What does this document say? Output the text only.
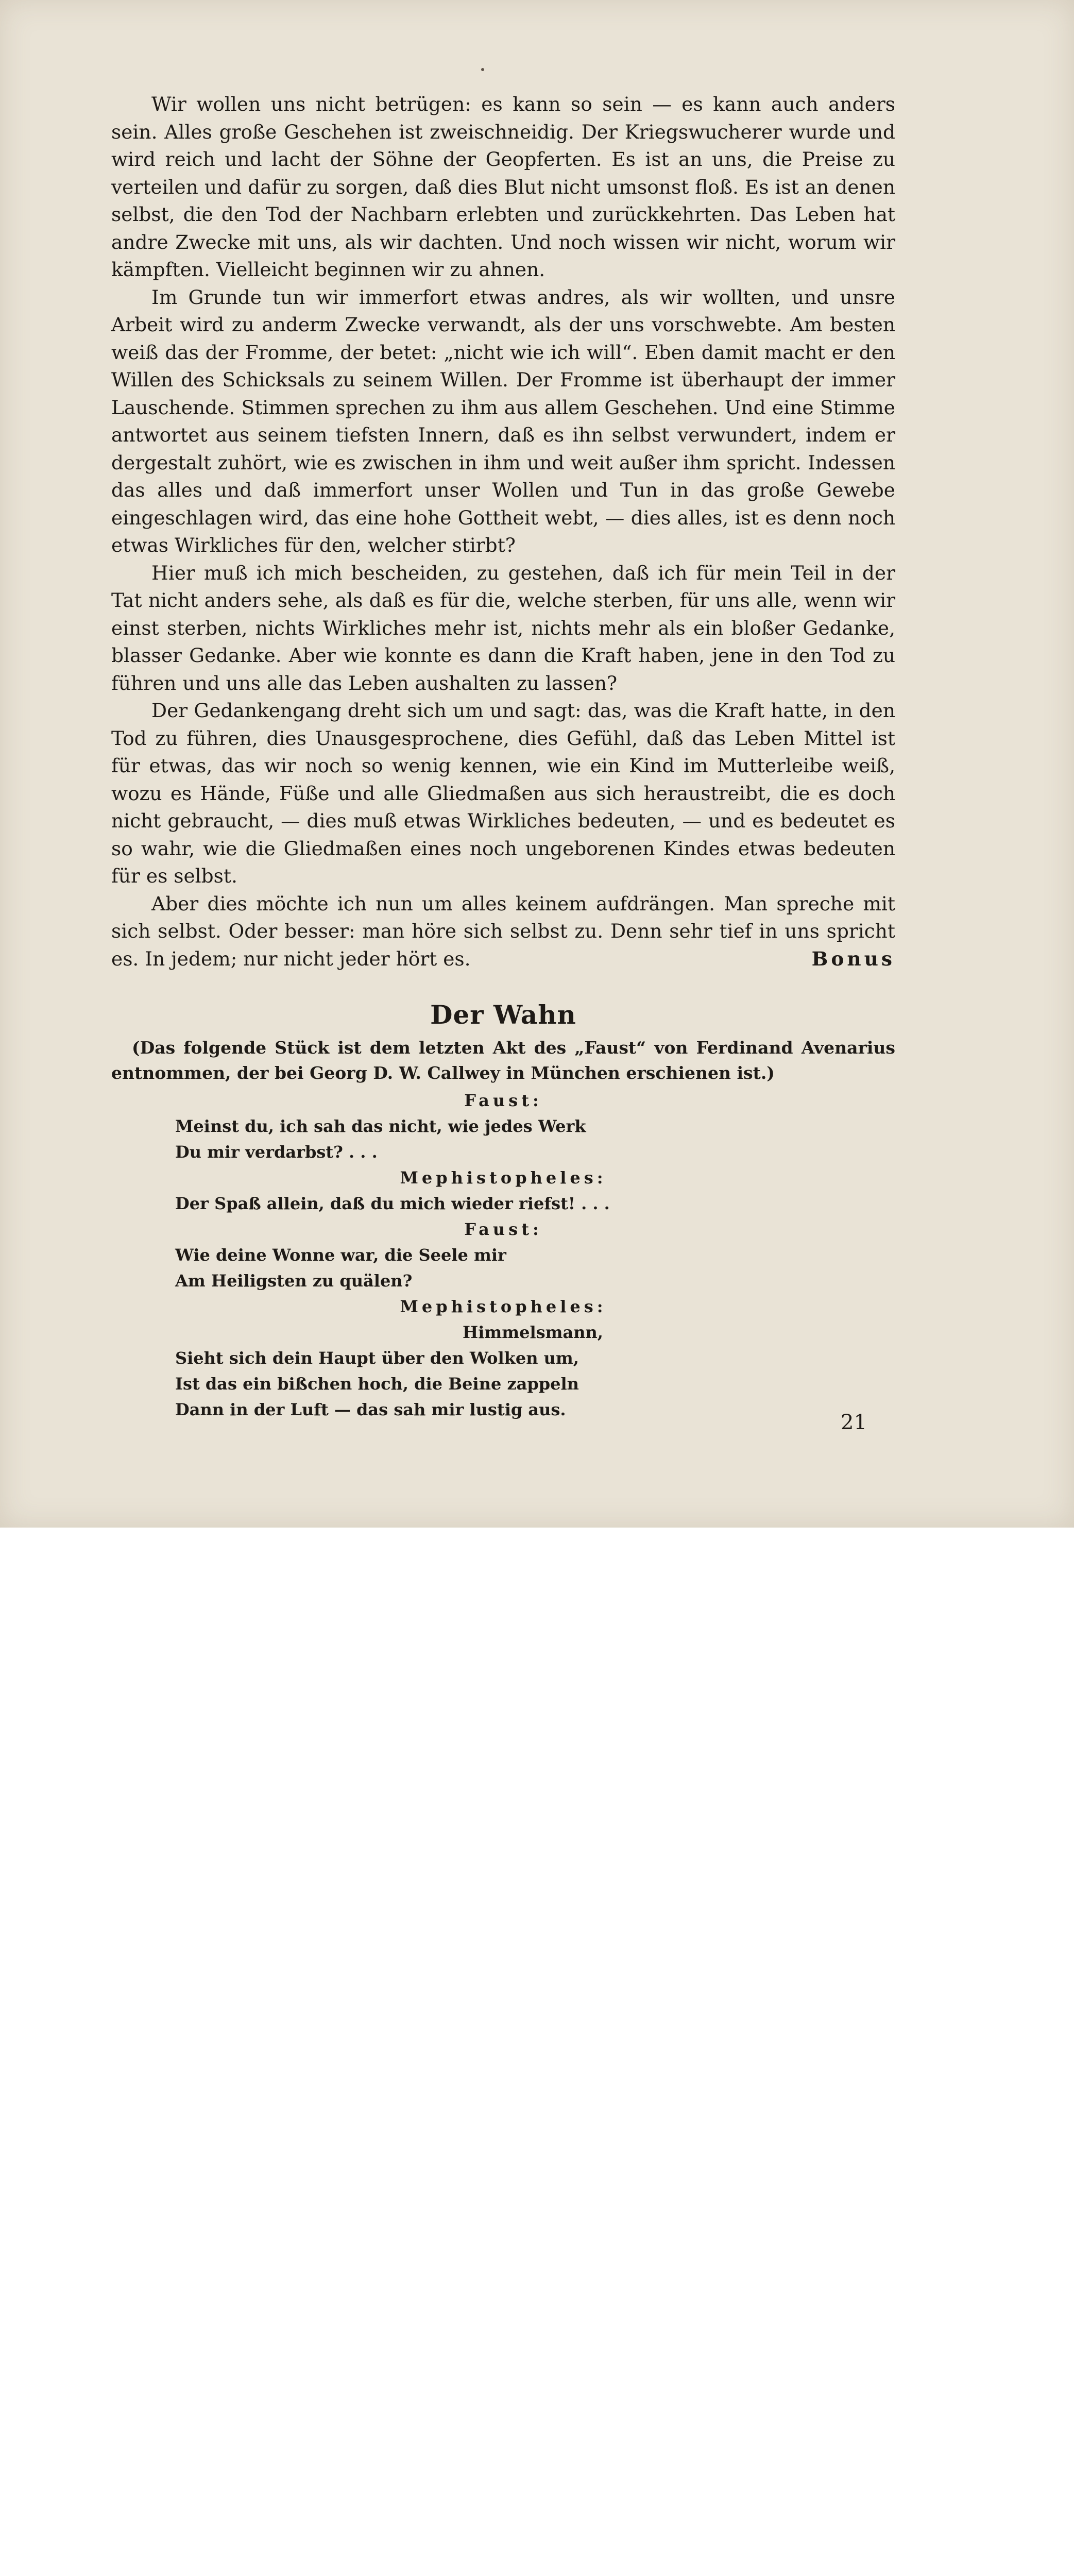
Wir wollen uns nicht betrügen: es kann so sein — es kann auch anders sein. Alles große Geschehen ist zweischneidig. Der Kriegswucherer wurde und wird reich und lacht der Söhne der Geopferten. Es ist an uns, die Preise zu verteilen und dafür zu sorgen, daß dies Blut nicht umsonst floß. Es ist an denen selbst, die den Tod der Nachbarn erlebten und zurückkehrten. Das Leben hat andre Zwecke mit uns, als wir dachten. Und noch wissen wir nicht, worum wir kämpften. Vielleicht beginnen wir zu ahnen.

Im Grunde tun wir immerfort etwas andres, als wir wollten, und unsre Arbeit wird zu anderm Zwecke verwandt, als der uns vorschwebte. Am besten weiß das der Fromme, der betet: „nicht wie ich will“. Eben damit macht er den Willen des Schicksals zu seinem Willen. Der Fromme ist überhaupt der immer Lauschende. Stimmen sprechen zu ihm aus allem Geschehen. Und eine Stimme antwortet aus seinem tiefsten Innern, daß es ihn selbst verwundert, indem er dergestalt zuhört, wie es zwischen in ihm und weit außer ihm spricht. Indessen das alles und daß immerfort unser Wollen und Tun in das große Gewebe eingeschlagen wird, das eine hohe Gottheit webt, — dies alles, ist es denn noch etwas Wirkliches für den, welcher stirbt?

Hier muß ich mich bescheiden, zu gestehen, daß ich für mein Teil in der Tat nicht anders sehe, als daß es für die, welche sterben, für uns alle, wenn wir einst sterben, nichts Wirkliches mehr ist, nichts mehr als ein bloßer Gedanke, blasser Gedanke. Aber wie konnte es dann die Kraft haben, jene in den Tod zu führen und uns alle das Leben aushalten zu lassen?

Der Gedankengang dreht sich um und sagt: das, was die Kraft hatte, in den Tod zu führen, dies Unausgesprochene, dies Gefühl, daß das Leben Mittel ist für etwas, das wir noch so wenig kennen, wie ein Kind im Mutterleibe weiß, wozu es Hände, Füße und alle Gliedmaßen aus sich heraustreibt, die es doch nicht gebraucht, — dies muß etwas Wirkliches bedeuten, — und es bedeutet es so wahr, wie die Gliedmaßen eines noch ungeborenen Kindes etwas bedeuten für es selbst.

Aber dies möchte ich nun um alles keinem aufdrängen. Man spreche mit sich selbst. Oder besser: man höre sich selbst zu. Denn sehr tief in uns spricht es. In jedem; nur nicht jeder hört es.	Bonus

Der Wahn

(Das folgende Stück ist dem letzten Akt des „Faust“ von Ferdinand Avenarius entnommen, der bei Georg D. W. Callwey in München erschienen ist.)

Faust:

Meinst du, ich sah das nicht, wie jedes Werk

Du mir verdarbst? . . .

Mephistopheles:

Der Spaß allein, daß du mich wieder riefst! . . .

Faust:

Wie deine Wonne war, die Seele mir

Am Heiligsten zu quälen?

Mephistopheles:

Himmelsmann,

Sieht sich dein Haupt über den Wolken um,

Ist das ein bißchen hoch, die Beine zappeln

Dann in der Luft — das sah mir lustig aus.

21
